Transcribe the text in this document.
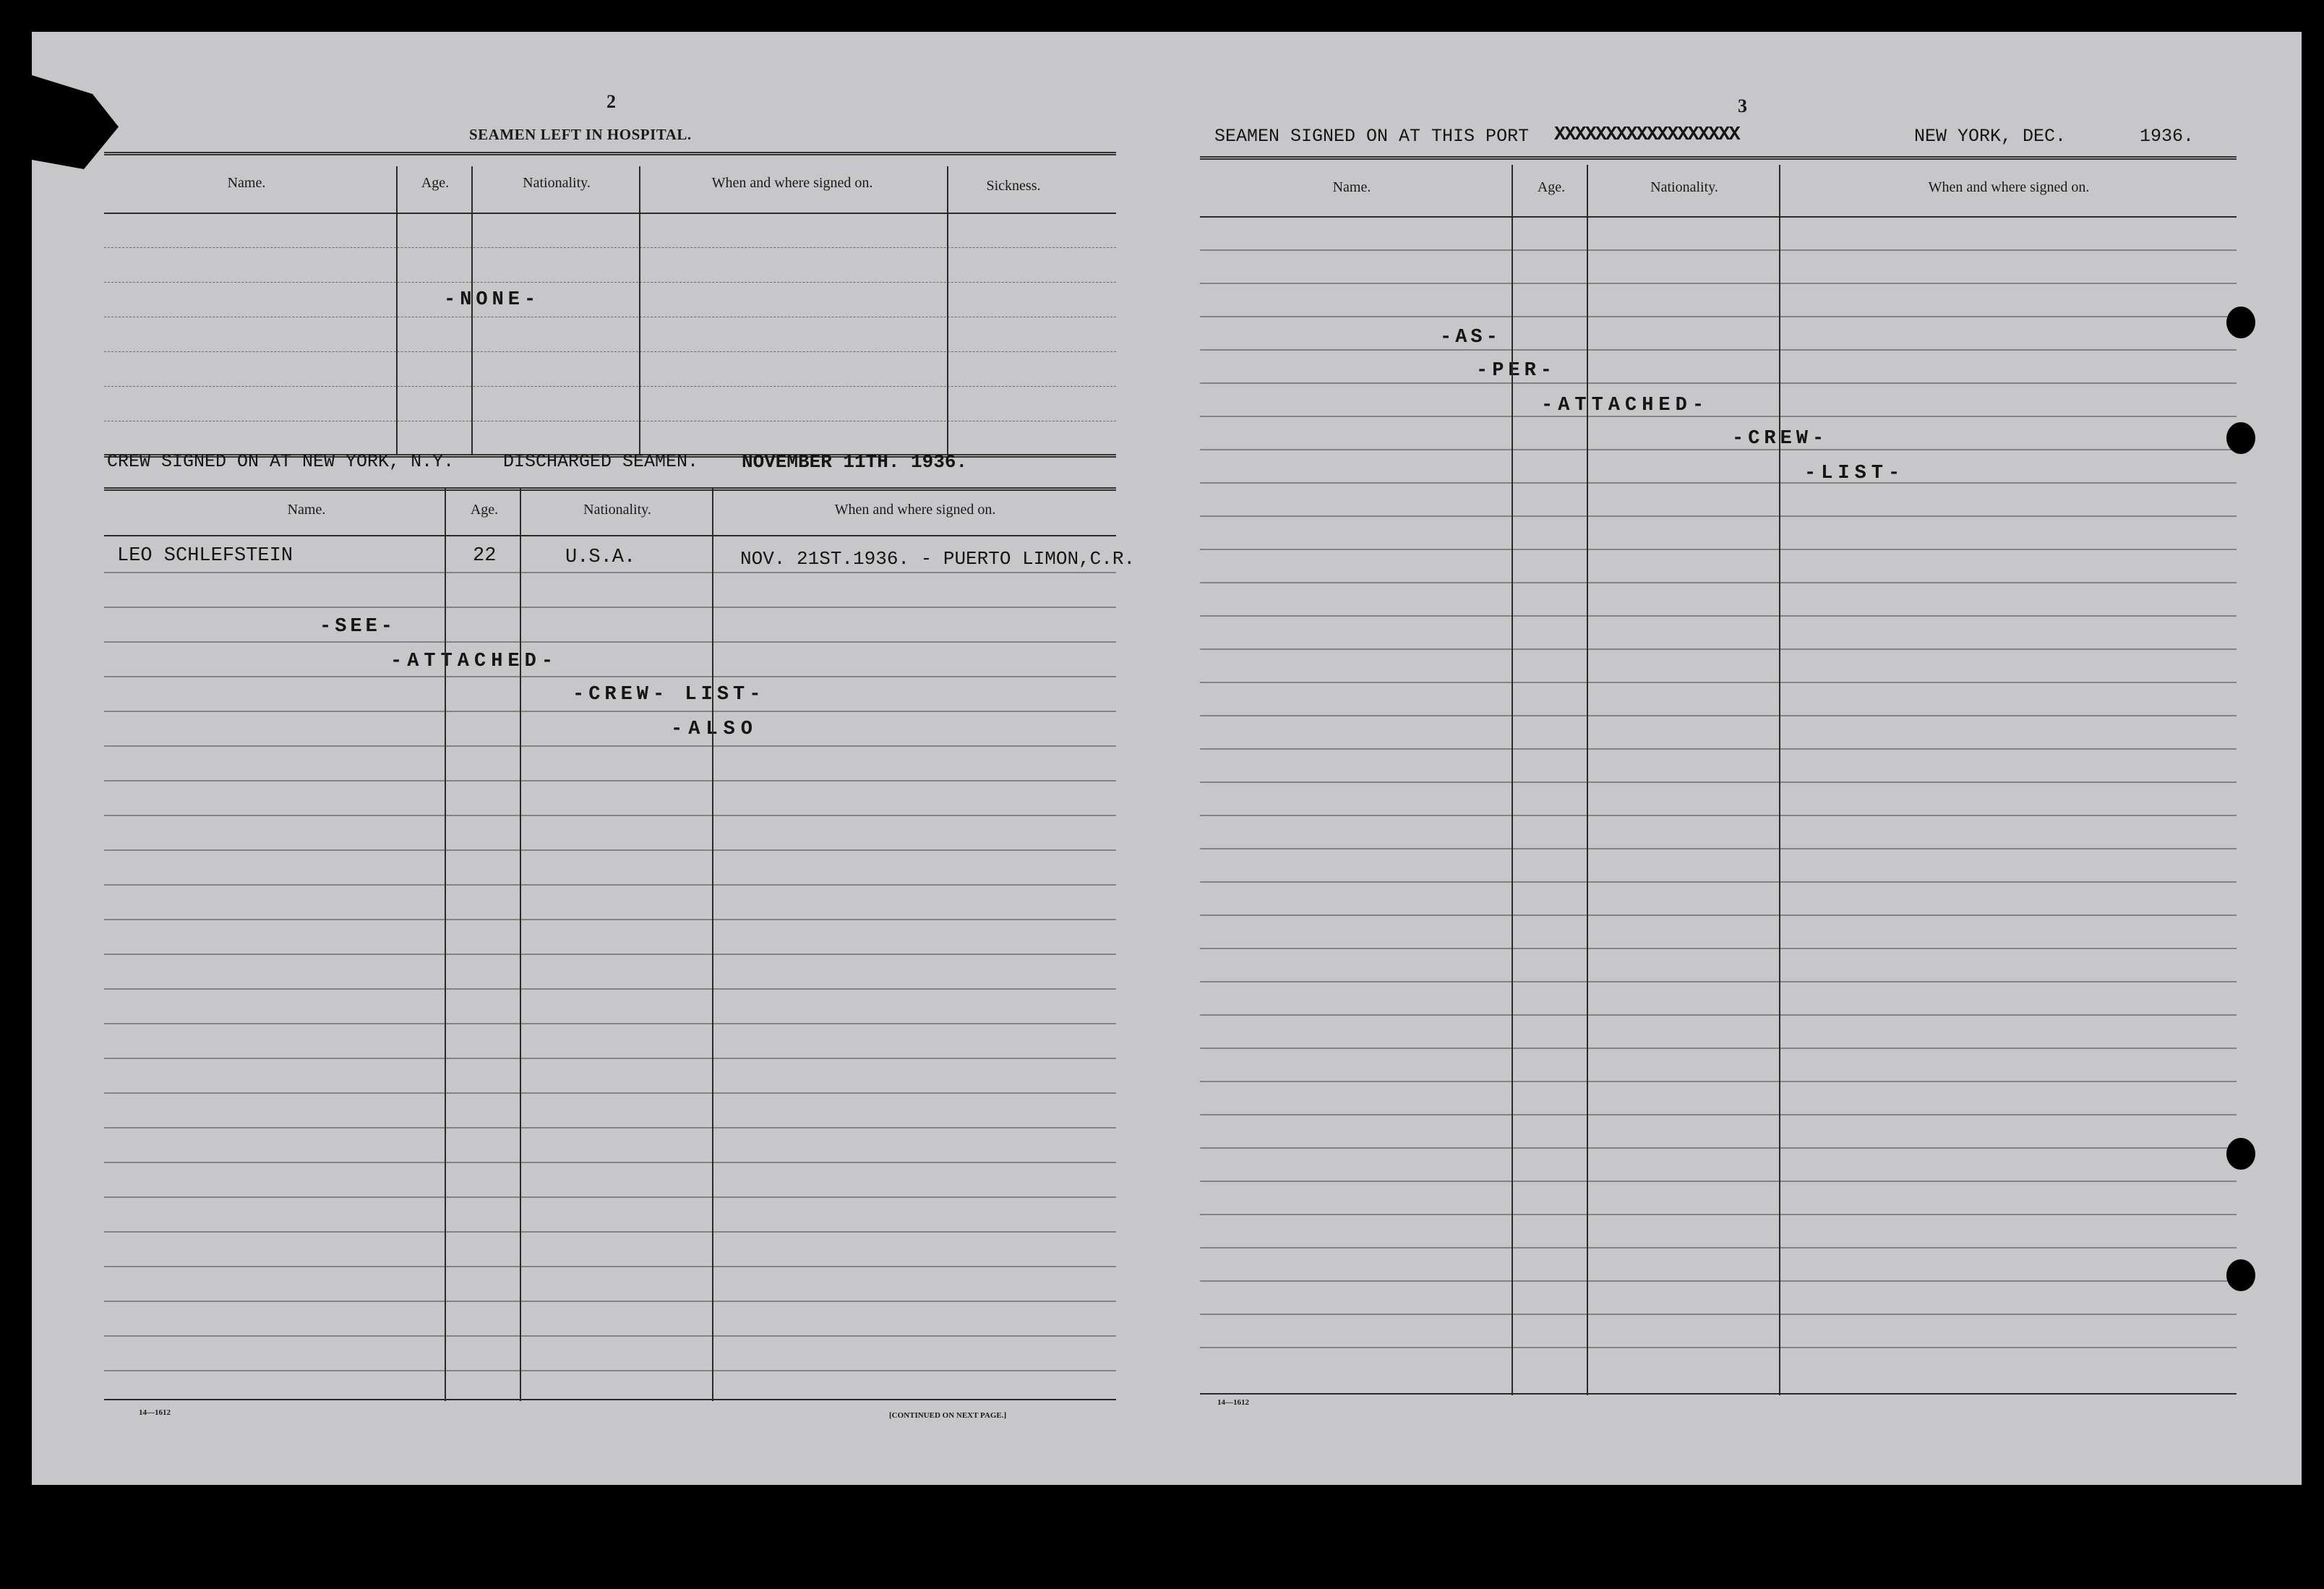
2
SEAMEN LEFT IN HOSPITAL.
Name.	Age.	Nationality.	When and where signed on.	Sickness.
-NONE-
CREW SIGNED ON AT NEW YORK, N.Y.	DISCHARGED SEAMEN. NOVEMBER 11TH. 1936.
Name.	Age.	Nationality.	When and where signed on.
LEO SCHLEFSTEIN	22	U.S.A.	NOV. 21ST.1936. - PUERTO LIMON,C.R.
-SEE-
-ATTACHED-
-CREW- LIST-
-ALSO
14—1612	[CONTINUED ON NEXT PAGE.]
3
SEAMEN SIGNED ON AT THIS PORT XXXXXXXXXXXXXXXXXX	NEW YORK, DEC.	1936.
Name.	Age.	Nationality.	When and where signed on.
-AS-
-PER-
-ATTACHED-
-CREW-
-LIST-
14—1612
